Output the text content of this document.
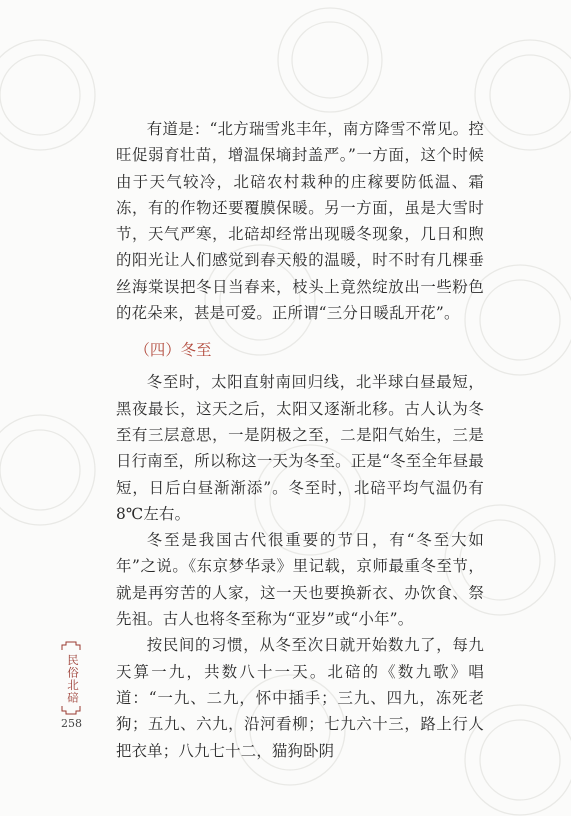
有道是：“北方瑞雪兆丰年，南方降雪不常见。控旺促弱育壮苗，增温保墒封盖严。”一方面，这个时候由于天气较冷，北碚农村栽种的庄稼要防低温、霜冻，有的作物还要覆膜保暖。另一方面，虽是大雪时节，天气严寒，北碚却经常出现暖冬现象，几日和煦的阳光让人们感觉到春天般的温暖，时不时有几棵垂丝海棠误把冬日当春来，枝头上竟然绽放出一些粉色的花朵来，甚是可爱。正所谓“三分日暖乱开花”。

（四）冬至

冬至时，太阳直射南回归线，北半球白昼最短，黑夜最长，这天之后，太阳又逐渐北移。古人认为冬至有三层意思，一是阴极之至，二是阳气始生，三是日行南至，所以称这一天为冬至。正是“冬至全年昼最短，日后白昼渐渐添”。冬至时，北碚平均气温仍有8℃左右。

冬至是我国古代很重要的节日，有“冬至大如年”之说。《东京梦华录》里记载，京师最重冬至节，就是再穷苦的人家，这一天也要换新衣、办饮食、祭先祖。古人也将冬至称为“亚岁”或“小年”。

按民间的习惯，从冬至次日就开始数九了，每九天算一九，共数八十一天。北碚的《数九歌》唱道：“一九、二九，怀中插手；三九、四九，冻死老狗；五九、六九，沿河看柳；七九六十三，路上行人把衣单；八九七十二，猫狗卧阴

民俗北碚
258
